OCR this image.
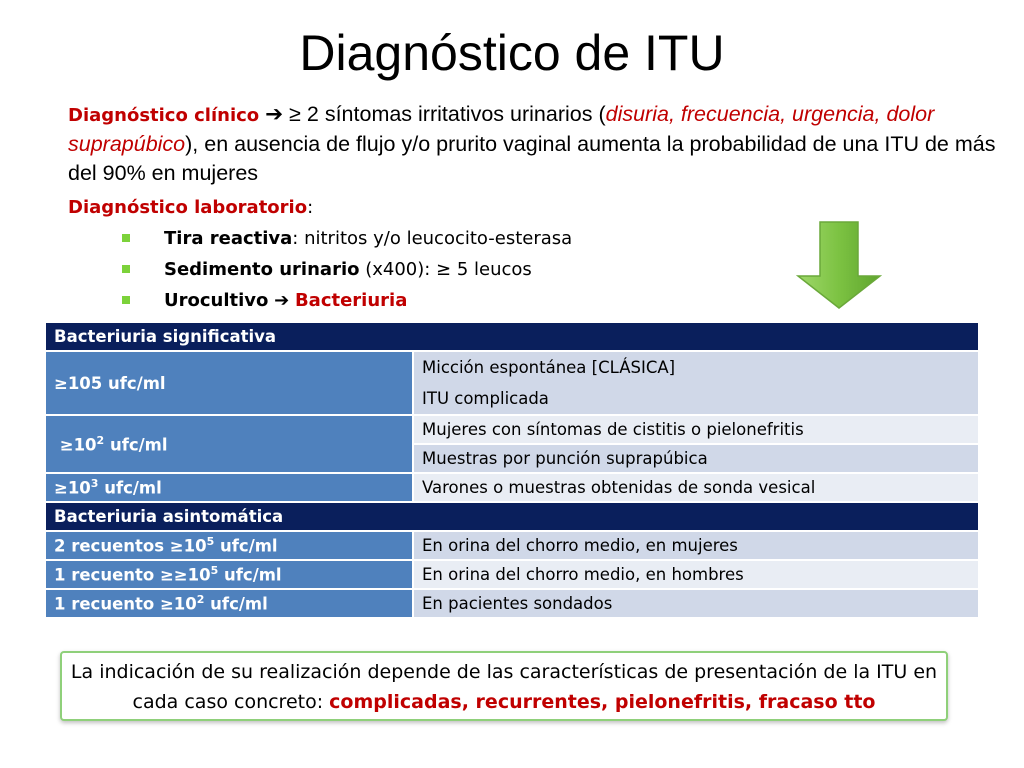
Diagnóstico de ITU

Diagnóstico clínico ➔ ≥ 2 síntomas irritativos urinarios (disuria, frecuencia, urgencia, dolor suprapúbico), en ausencia de flujo y/o prurito vaginal aumenta la probabilidad de una ITU de más del 90% en mujeres

Diagnóstico laboratorio:
Tira reactiva: nitritos y/o leucocito-esterasa
Sedimento urinario (x400): ≥ 5 leucos
Urocultivo ➔ Bacteriuria
Bacteriuria significativa	
≥105 ufc/ml	Micción espontánea [CLÁSICA]
ITU complicada

$\ge 10^2$ ufc/ml	Mujeres con síntomas de cistitis o pielonefritis
	Muestras por punción suprapúbica
$\ge 10^3$ ufc/ml	Varones o muestras obtenidas de sonda vesical
Bacteriuria asintomática	
2 recuentos $\ge 10^5$ ufc/ml	En orina del chorro medio, en mujeres
1 recuento $\ge\ge 10^5$ ufc/ml	En orina del chorro medio, en hombres
1 recuento $\ge 10^2$ ufc/ml	En pacientes sondados
La indicación de su realización depende de las características de presentación de la ITU en cada caso concreto: complicadas, recurrentes, pielonefritis, fracaso tto
